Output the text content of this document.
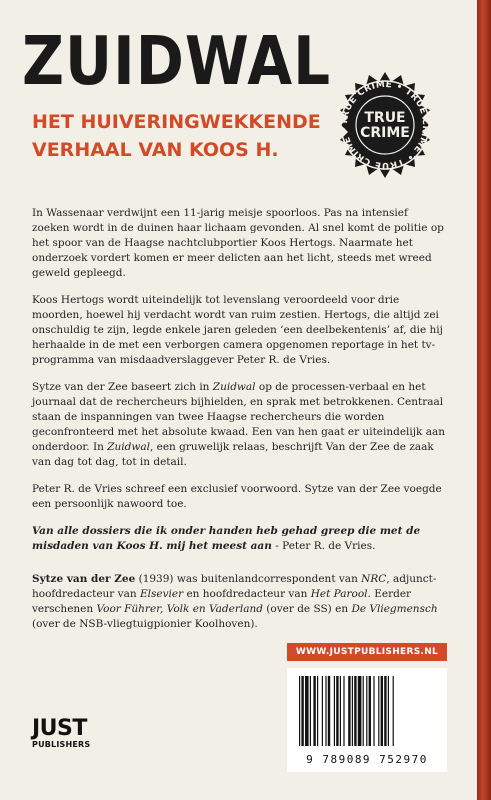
ZUIDWAL
HET HUIVERINGWEKKENDE
VERHAAL VAN KOOS H.
TRUE CRIME • TRUE CRIME • TRUE CRIME •
TRUE
CRIME

In Wassenaar verdwijnt een 11-jarig meisje spoorloos. Pas na intensief zoeken wordt in de duinen haar lichaam gevonden. Al snel komt de politie op het spoor van de Haagse nachtclubportier Koos Hertogs. Naarmate het onderzoek vordert komen er meer delicten aan het licht, steeds met wreed geweld gepleegd.

Koos Hertogs wordt uiteindelijk tot levenslang veroordeeld voor drie moorden, hoewel hij verdacht wordt van ruim zestien. Hertogs, die altijd zei onschuldig te zijn, legde enkele jaren geleden ‘een deelbekentenis’ af, die hij herhaalde in de met een verborgen camera opgenomen reportage in het tv-programma van misdaadverslaggever Peter R. de Vries.

Sytze van der Zee baseert zich in Zuidwal op de processen-verbaal en het journaal dat de rechercheurs bijhielden, en sprak met betrokkenen. Centraal staan de inspanningen van twee Haagse rechercheurs die worden geconfronteerd met het absolute kwaad. Een van hen gaat er uiteindelijk aan onderdoor. In Zuidwal, een gruwelijk relaas, beschrijft Van der Zee de zaak van dag tot dag, tot in detail.

Peter R. de Vries schreef een exclusief voorwoord. Sytze van der Zee voegde een persoonlijk nawoord toe.

Van alle dossiers die ik onder handen heb gehad greep die met de misdaden van Koos H. mij het meest aan - Peter R. de Vries.

Sytze van der Zee (1939) was buitenlandcorrespondent van NRC, adjunct-hoofdredacteur van Elsevier en hoofdredacteur van Het Parool. Eerder verschenen Voor Führer, Volk en Vaderland (over de SS) en De Vliegmensch (over de NSB-vliegtuigpionier Koolhoven).

WWW.JUSTPUBLISHERS.NL
9 789089 752970
JUST
PUBLISHERS
